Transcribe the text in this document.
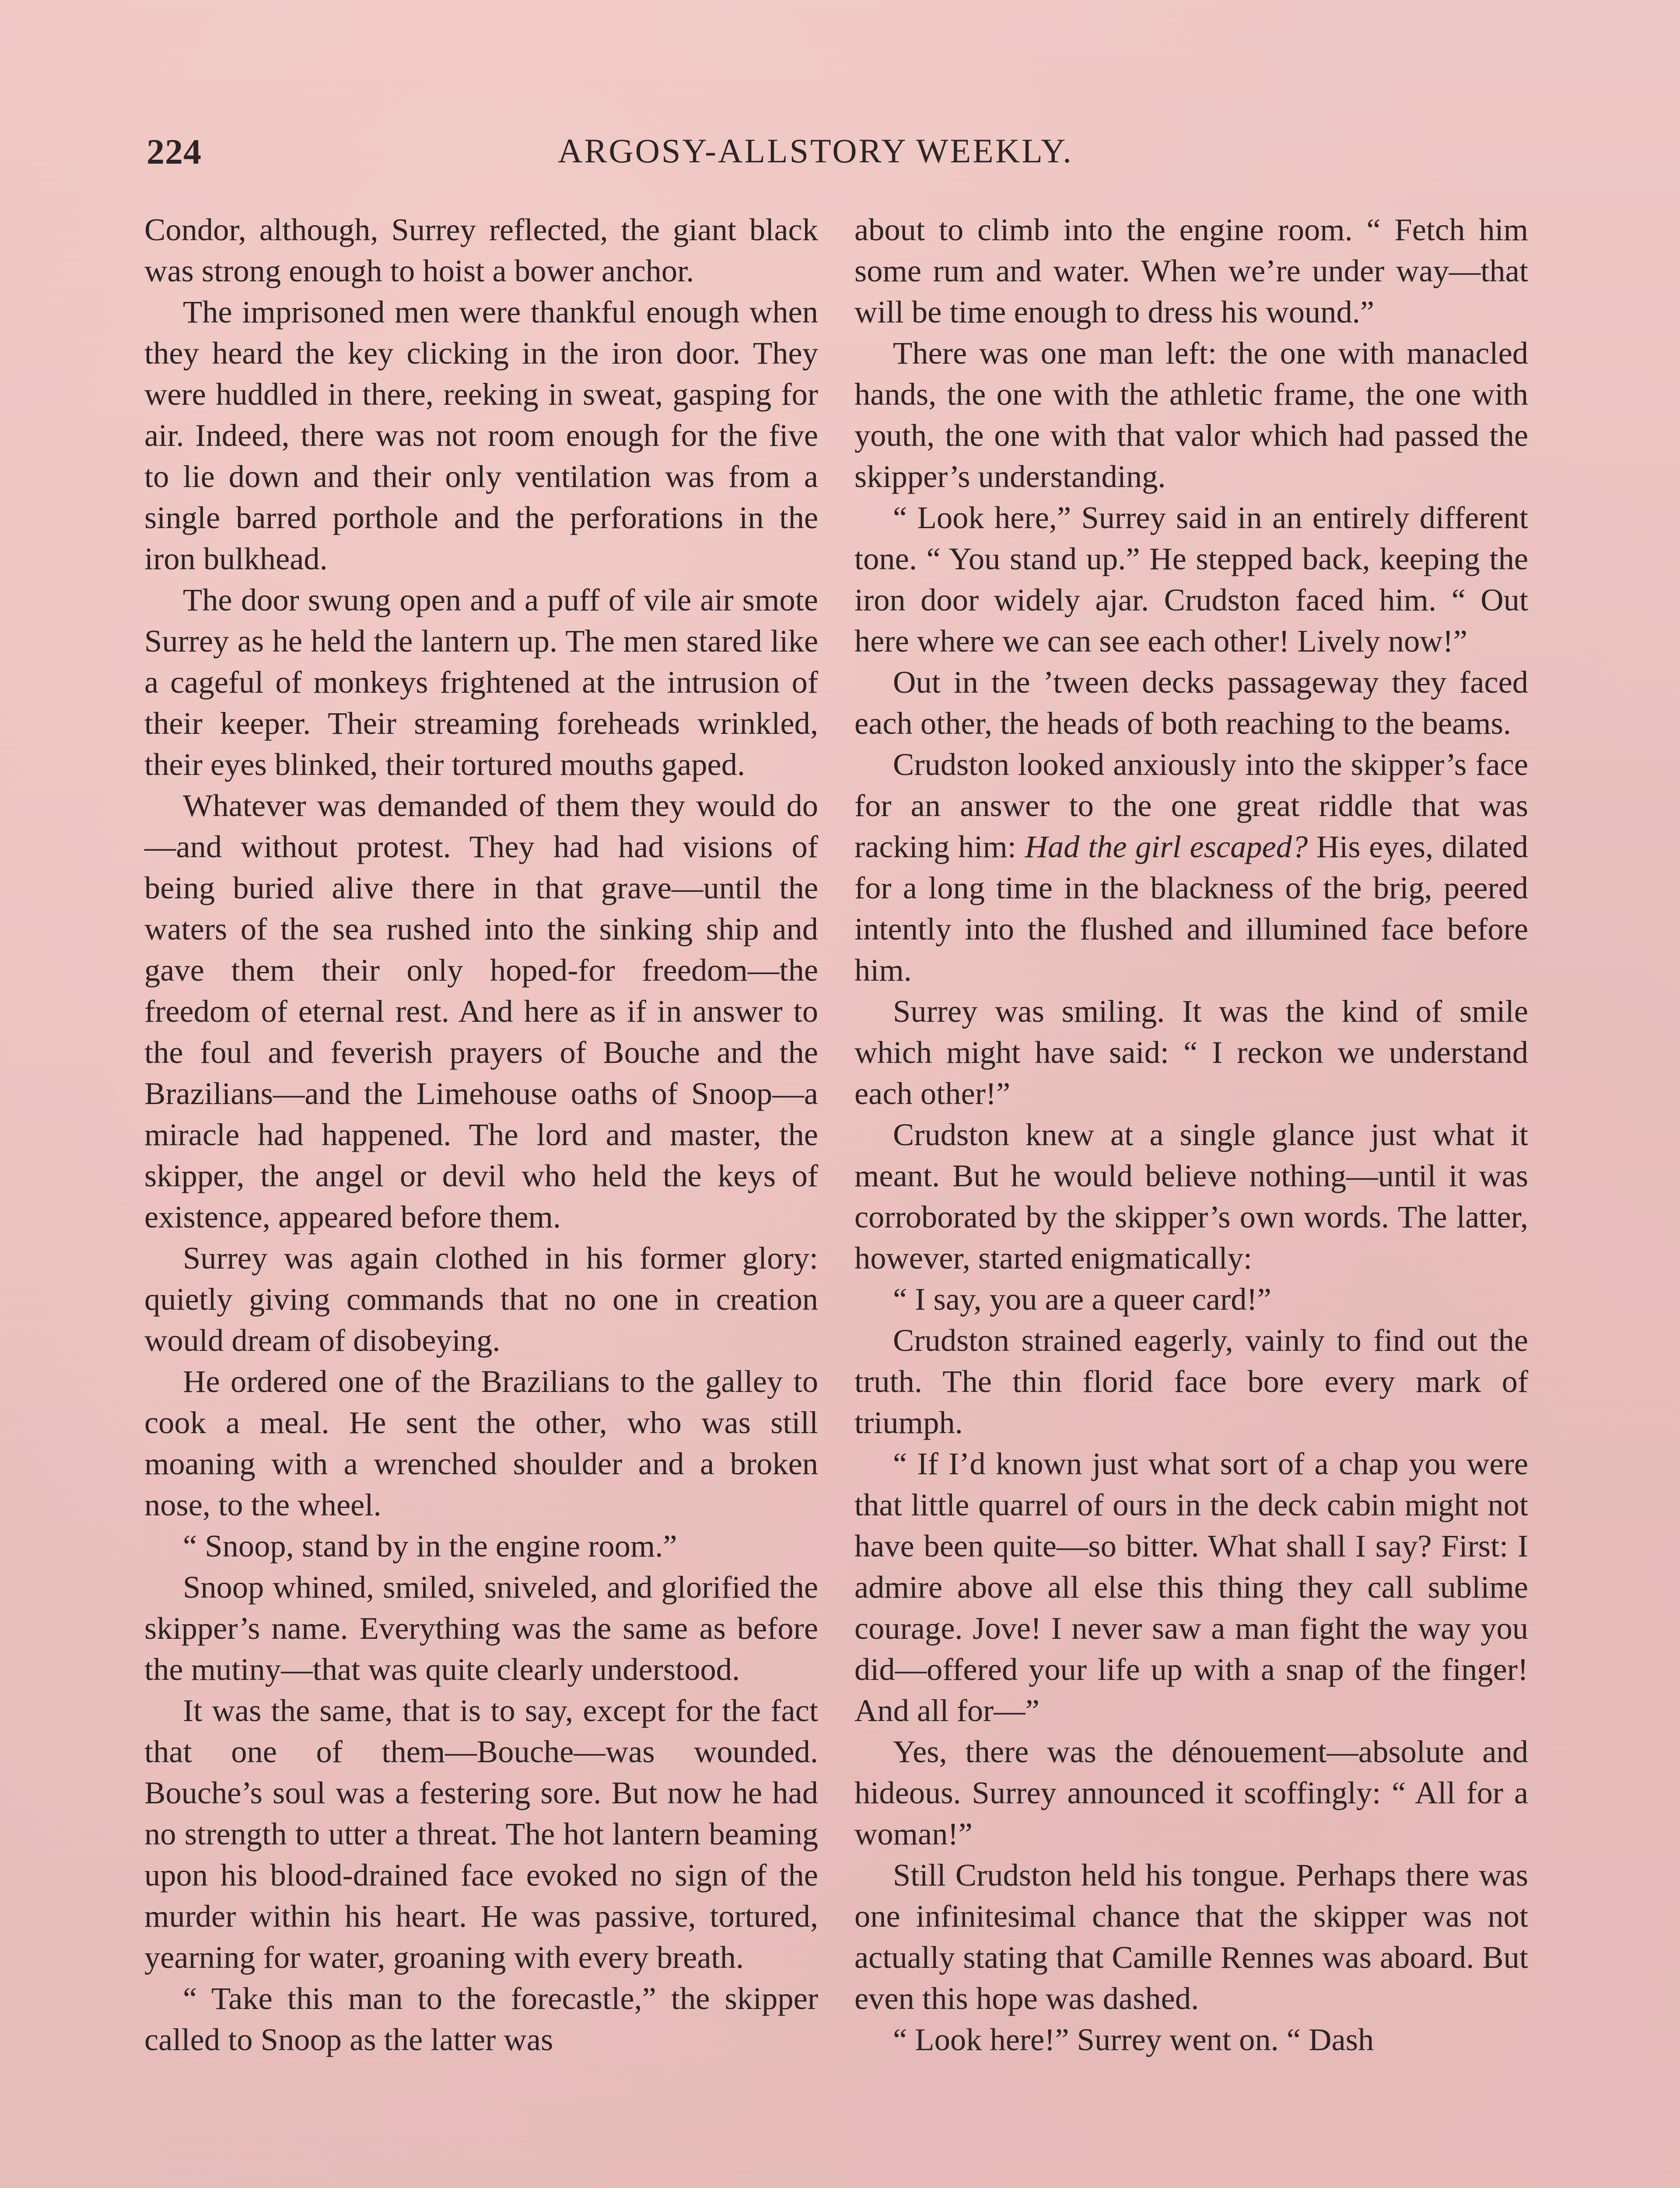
224	ARGOSY-ALLSTORY WEEKLY.

Condor, although, Surrey reflected, the giant black was strong enough to hoist a bower anchor.

The imprisoned men were thankful enough when they heard the key clicking in the iron door. They were huddled in there, reeking in sweat, gasping for air. Indeed, there was not room enough for the five to lie down and their only ventilation was from a single barred porthole and the perforations in the iron bulkhead.

The door swung open and a puff of vile air smote Surrey as he held the lantern up. The men stared like a cageful of monkeys frightened at the intrusion of their keeper. Their streaming foreheads wrinkled, their eyes blinked, their tortured mouths gaped.

Whatever was demanded of them they would do—and without protest. They had had visions of being buried alive there in that grave—until the waters of the sea rushed into the sinking ship and gave them their only hoped-for freedom—the freedom of eternal rest. And here as if in answer to the foul and feverish prayers of Bouche and the Brazilians—and the Limehouse oaths of Snoop—a miracle had happened. The lord and master, the skipper, the angel or devil who held the keys of existence, appeared before them.

Surrey was again clothed in his former glory: quietly giving commands that no one in creation would dream of disobeying.

He ordered one of the Brazilians to the galley to cook a meal. He sent the other, who was still moaning with a wrenched shoulder and a broken nose, to the wheel.

“ Snoop, stand by in the engine room.”

Snoop whined, smiled, sniveled, and glorified the skipper’s name. Everything was the same as before the mutiny—that was quite clearly understood.

It was the same, that is to say, except for the fact that one of them—Bouche—was wounded. Bouche’s soul was a festering sore. But now he had no strength to utter a threat. The hot lantern beaming upon his blood-drained face evoked no sign of the murder within his heart. He was passive, tortured, yearning for water, groaning with every breath.

“ Take this man to the forecastle,” the skipper called to Snoop as the latter was

about to climb into the engine room. “ Fetch him some rum and water. When we’re under way—that will be time enough to dress his wound.”

There was one man left: the one with manacled hands, the one with the athletic frame, the one with youth, the one with that valor which had passed the skipper’s understanding.

“ Look here,” Surrey said in an entirely different tone. “ You stand up.” He stepped back, keeping the iron door widely ajar. Crudston faced him. “ Out here where we can see each other! Lively now!”

Out in the ’tween decks passageway they faced each other, the heads of both reaching to the beams.

Crudston looked anxiously into the skipper’s face for an answer to the one great riddle that was racking him: Had the girl escaped? His eyes, dilated for a long time in the blackness of the brig, peered intently into the flushed and illumined face before him.

Surrey was smiling. It was the kind of smile which might have said: “ I reckon we understand each other!”

Crudston knew at a single glance just what it meant. But he would believe nothing—until it was corroborated by the skipper’s own words. The latter, however, started enigmatically:

“ I say, you are a queer card!”

Crudston strained eagerly, vainly to find out the truth. The thin florid face bore every mark of triumph.

“ If I’d known just what sort of a chap you were that little quarrel of ours in the deck cabin might not have been quite—so bitter. What shall I say? First: I admire above all else this thing they call sublime courage. Jove! I never saw a man fight the way you did—offered your life up with a snap of the finger! And all for—”

Yes, there was the dénouement—absolute and hideous. Surrey announced it scoffingly: “ All for a woman!”

Still Crudston held his tongue. Perhaps there was one infinitesimal chance that the skipper was not actually stating that Camille Rennes was aboard. But even this hope was dashed.

“ Look here!” Surrey went on. “ Dash
